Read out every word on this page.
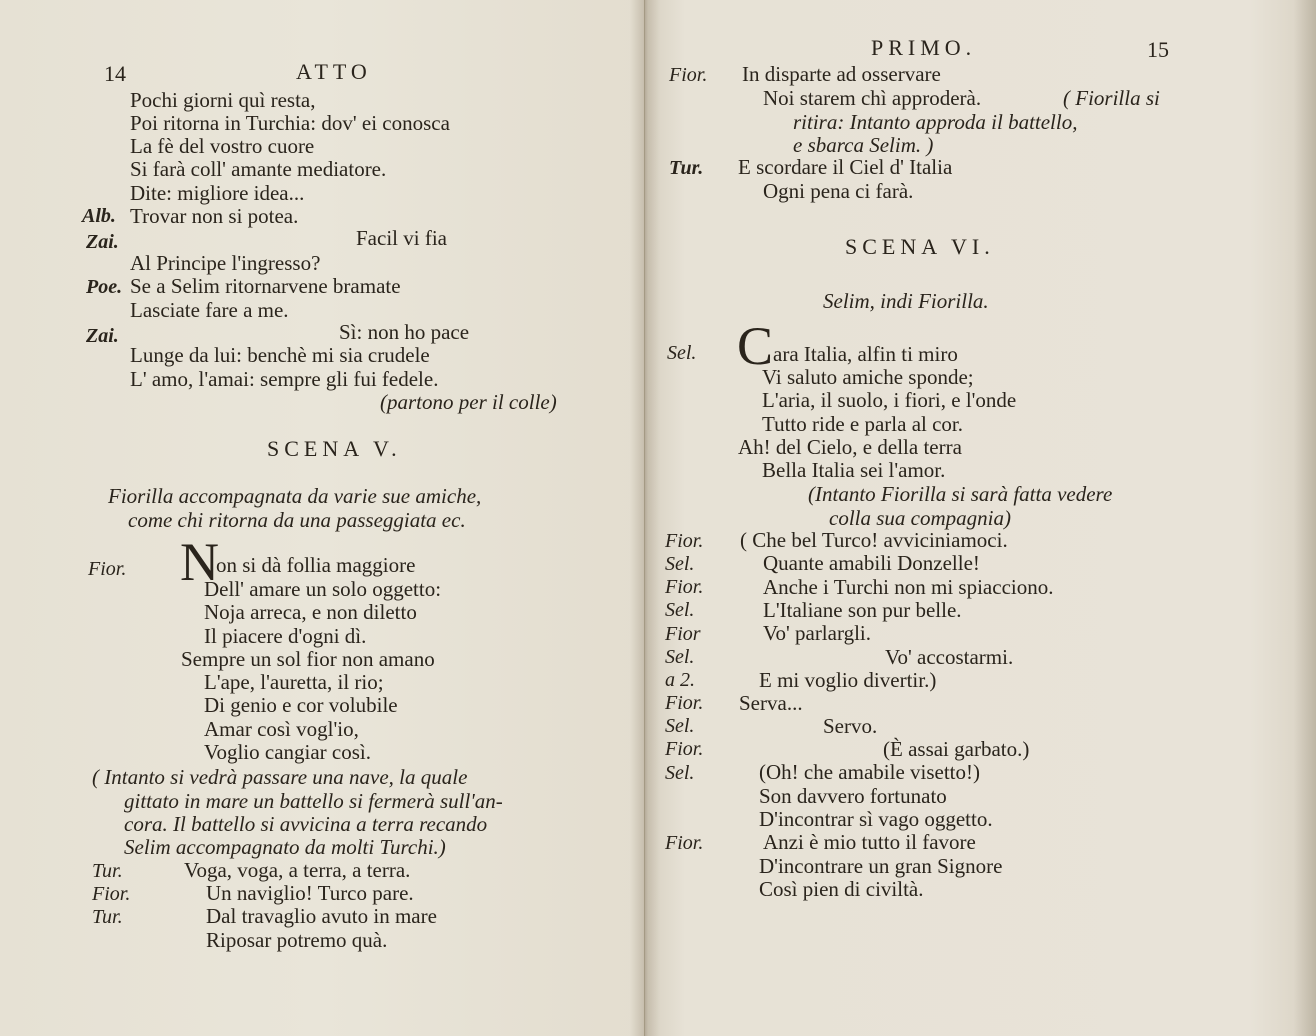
14	ATTO
Pochi giorni quì resta,
Poi ritorna in Turchia: dov' ei conosca
La fè del vostro cuore
Si farà coll' amante mediatore.
Dite: migliore idea...
Alb. Trovar non si potea.
Zai.	Facil vi fia
Al Principe l'ingresso?
Poe. Se a Selim ritornarvene bramate
Lasciate fare a me.
Zai.	Sì: non ho pace
Lunge da lui: benchè mi sia crudele
L' amo, l'amai: sempre gli fui fedele.
(partono per il colle)
SCENA V.
Fiorilla accompagnata da varie sue amiche,
come chi ritorna da una passeggiata ec.
Fior. N
on si dà follia maggiore
Dell' amare un solo oggetto:
Noja arreca, e non diletto
Il piacere d'ogni dì.
Sempre un sol fior non amano
L'ape, l'auretta, il rio;
Di genio e cor volubile
Amar così vogl'io,
Voglio cangiar così.
( Intanto si vedrà passare una nave, la quale
gittato in mare un battello si fermerà sull'an-
cora. Il battello si avvicina a terra recando
Selim accompagnato da molti Turchi.)
Tur.	Voga, voga, a terra, a terra.
Fior.	Un naviglio! Turco pare.
Tur.	Dal travaglio avuto in mare
Riposar potremo quà.
PRIMO.	15
Fior. In disparte ad osservare
Noi starem chì approderà.	( Fiorilla si
ritira: Intanto approda il battello,
e sbarca Selim. )
Tur. E scordare il Ciel d' Italia
Ogni pena ci farà.
SCENA VI.
Selim, indi Fiorilla.
Sel. C ara Italia, alfin ti miro
Vi saluto amiche sponde;
L'aria, il suolo, i fiori, e l'onde
Tutto ride e parla al cor.
Ah! del Cielo, e della terra
Bella Italia sei l'amor.
(Intanto Fiorilla si sarà fatta vedere
colla sua compagnia)
Fior. ( Che bel Turco! avviciniamoci.
Sel.	Quante amabili Donzelle!
Fior.	Anche i Turchi non mi spiacciono.
Sel.	L'Italiane son pur belle.
Fior	Vo' parlargli.
Sel.	Vo' accostarmi.
a 2.	E mi voglio divertir.)
Fior. Serva...
Sel.	Servo.
Fior.	(È assai garbato.)
Sel.	(Oh! che amabile visetto!)
Son davvero fortunato
D'incontrar sì vago oggetto.
Fior.	Anzi è mio tutto il favore
D'incontrare un gran Signore
Così pien di civiltà.
